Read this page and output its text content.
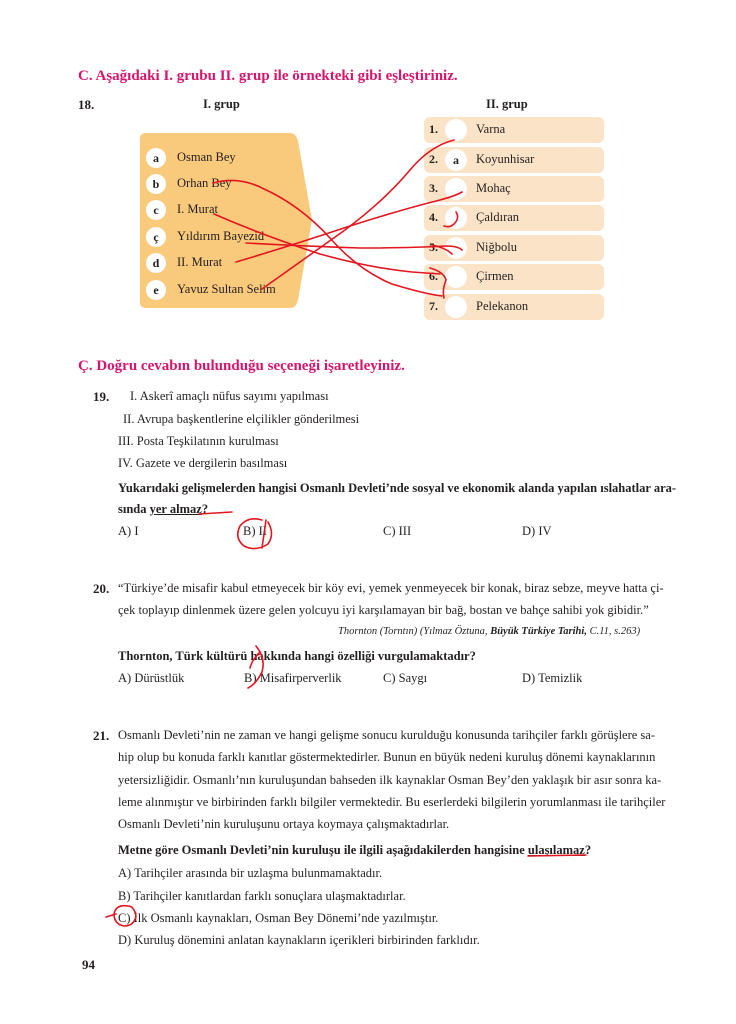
C. Aşağıdaki I. grubu II. grup ile örnekteki gibi eşleştiriniz.
18.	I. grup	II. grup
a	Osman Bey
b	Orhan Bey
c	I. Murat
ç	Yıldırım Bayezid
d	II. Murat
e	Yavuz Sultan Selim
1.	Varna
2.	a	Koyunhisar
3.	Mohaç
4.	Çaldıran
5.	Niğbolu
6.	Çirmen
7.	Pelekanon
Ç. Doğru cevabın bulunduğu seçeneği işaretleyiniz.
19. I. Askerî amaçlı nüfus sayımı yapılması
II. Avrupa başkentlerine elçilikler gönderilmesi
III. Posta Teşkilatının kurulması
IV. Gazete ve dergilerin basılması
Yukarıdaki gelişmelerden hangisi Osmanlı Devleti’nde sosyal ve ekonomik alanda yapılan ıslahatlar ara-
sında yer almaz?
A) I	B) II	C) III	D) IV
20. “Türkiye’de misafir kabul etmeyecek bir köy evi, yemek yenmeyecek bir konak, biraz sebze, meyve hatta çi-
çek toplayıp dinlenmek üzere gelen yolcuyu iyi karşılamayan bir bağ, bostan ve bahçe sahibi yok gibidir.”
Thornton (Torntın) (Yılmaz Öztuna, Büyük Türkiye Tarihi, C.11, s.263)
Thornton, Türk kültürü hakkında hangi özelliği vurgulamaktadır?
A) Dürüstlük	B) Misafirperverlik	C) Saygı	D) Temizlik
21. Osmanlı Devleti’nin ne zaman ve hangi gelişme sonucu kurulduğu konusunda tarihçiler farklı görüşlere sa-
hip olup bu konuda farklı kanıtlar göstermektedirler. Bunun en büyük nedeni kuruluş dönemi kaynaklarının
yetersizliğidir. Osmanlı’nın kuruluşundan bahseden ilk kaynaklar Osman Bey’den yaklaşık bir asır sonra ka-
leme alınmıştır ve birbirinden farklı bilgiler vermektedir. Bu eserlerdeki bilgilerin yorumlanması ile tarihçiler
Osmanlı Devleti’nin kuruluşunu ortaya koymaya çalışmaktadırlar.
Metne göre Osmanlı Devleti’nin kuruluşu ile ilgili aşağıdakilerden hangisine ulaşılamaz?
A) Tarihçiler arasında bir uzlaşma bulunmamaktadır.
B) Tarihçiler kanıtlardan farklı sonuçlara ulaşmaktadırlar.
C) İlk Osmanlı kaynakları, Osman Bey Dönemi’nde yazılmıştır.
D) Kuruluş dönemini anlatan kaynakların içerikleri birbirinden farklıdır.
94
